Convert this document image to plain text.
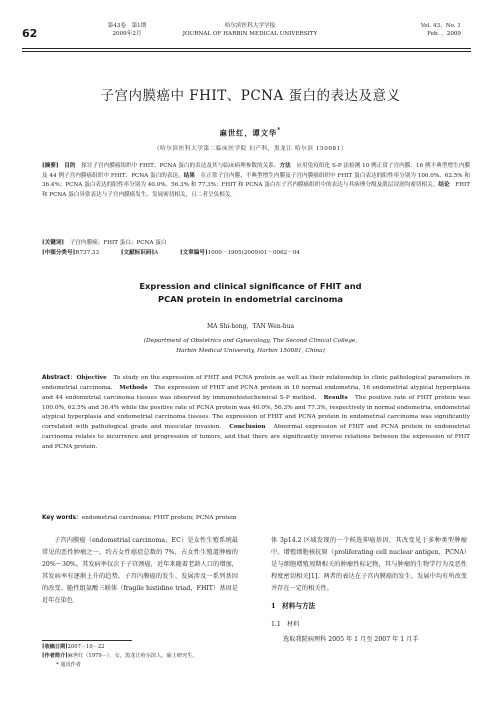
62
第43卷　第1期
2009年2月
哈尔滨医科大学学报
JOURNAL OF HARBIN MEDICAL UNIVERSITY
Vol. 43，No. 1
Feb. ，2009
子宫内膜癌中 FHIT、PCNA 蛋白的表达及意义
麻世红，谭文华*
（哈尔滨医科大学第二临床医学院 妇产科，黑龙江 哈尔滨 150081）
[摘要]　 目的　 探讨子宫内膜癌组织中 FHIT、PCNA 蛋白的表达及其与临床病理参数的关系。方法　 应用免疫组化 S-P 法检测 10 例正常子宫内膜、16 例不典型增生内膜及 44 例子宫内膜癌组织中 FHIT、PCNA 蛋白的表达。结果　 在正常子宫内膜、不典型增生内膜及子宫内膜癌组织中 FHIT 蛋白表达的阳性率分别为 100.0%、62.5% 和 36.4%；PCNA 蛋白表达的阳性率分别为 40.0%、56.3% 和 77.3%；FHIT 和 PCNA 蛋白在子宫内膜癌组织中的表达与其病理分级及肌层浸润均密切相关。结论　 FHIT 和 PCNA 蛋白异常表达与子宫内膜癌发生、发展密切相关，且二者呈负相关。
[关键词]　 子宫内膜癌；FHIT 蛋白；PCNA 蛋白
[中图分类号]R737.33	[文献标识码]A	[文章编号]1000－1905(2009)01－0062－04
Expression and clinical significance of FHIT and
PCAN protein in endometrial carcinoma
MA Shi-hong，TAN Wen-hua
(Department of Obstetrics and Gynecology, The Second Clinical College,
Harbin Medical University, Harbin 150081, China)
Abstract：Objective　 To study on the expression of FHIT and PCNA protein as well as their relationship to clinic pathological parameters in endometrial carcinoma.　 Methods　 The expression of FHIT and PCNA protein in 10 normal endometria, 16 endometrial atypical hyperplasia and 44 endometrial carcinoma tissues was observed by immunohistochemical S-P method.　 Results　 The positive rate of FHIT protein was 100.0%, 62.5% and 36.4% while the positive rate of PCNA protein was 40.0%, 56.3% and 77.3%, respectively in normal endometria, endometrial atypical hyperplasia and endometrial carcinoma tissues. The expression of FHIT and PCNA protein in endometrial carcinoma was significantly correlated with pathological grade and muscular invasion.　 Conclusion　 Abnormal expression of FHIT and PCNA protein in endometrial carcinoma relates to incurrence and progression of tumors, and that there are significantly inverse relations between the expression of FHIT and PCNA protein.
Key words：endometrial carcinoma; FHIT protein; PCNA protein
子宫内膜癌（endometrial carcinoma，EC）是女性生殖系统最常见的恶性肿瘤之一，约占女性癌症总数的 7%，占女性生殖道肿瘤的 20%～30%。其发病率仅次于子宫颈癌，近年来随着老龄人口的增加，其发病率有逐渐上升的趋势。子宫内膜癌的发生、发展涉及一系列基因的改变。脆性组氨酸三联体（fragile histidine triad，FHIT）基因是近年在染色
体 3p14.2 区域发现的一个候选抑癌基因，其改变见于多种类型肿瘤中。增殖细胞核抗原（proliferating cell nuclear antigen，PCNA）是与细胞增殖周期相关的肿瘤性标记物，其与肿瘤的生物学行为及恶性程度密切相关[1]。两者的表达在子宫内膜癌的发生、发展中均有所改变并存在一定的相关性。
1　材料与方法
1.1　材料
选取我院病理科 2005 年 1 月至 2007 年 1 月手
[收稿日期]2007－10－22
[作者简介]麻世红（1979－），女，黑龙江哈尔滨人，硕士研究生。
* 通讯作者
